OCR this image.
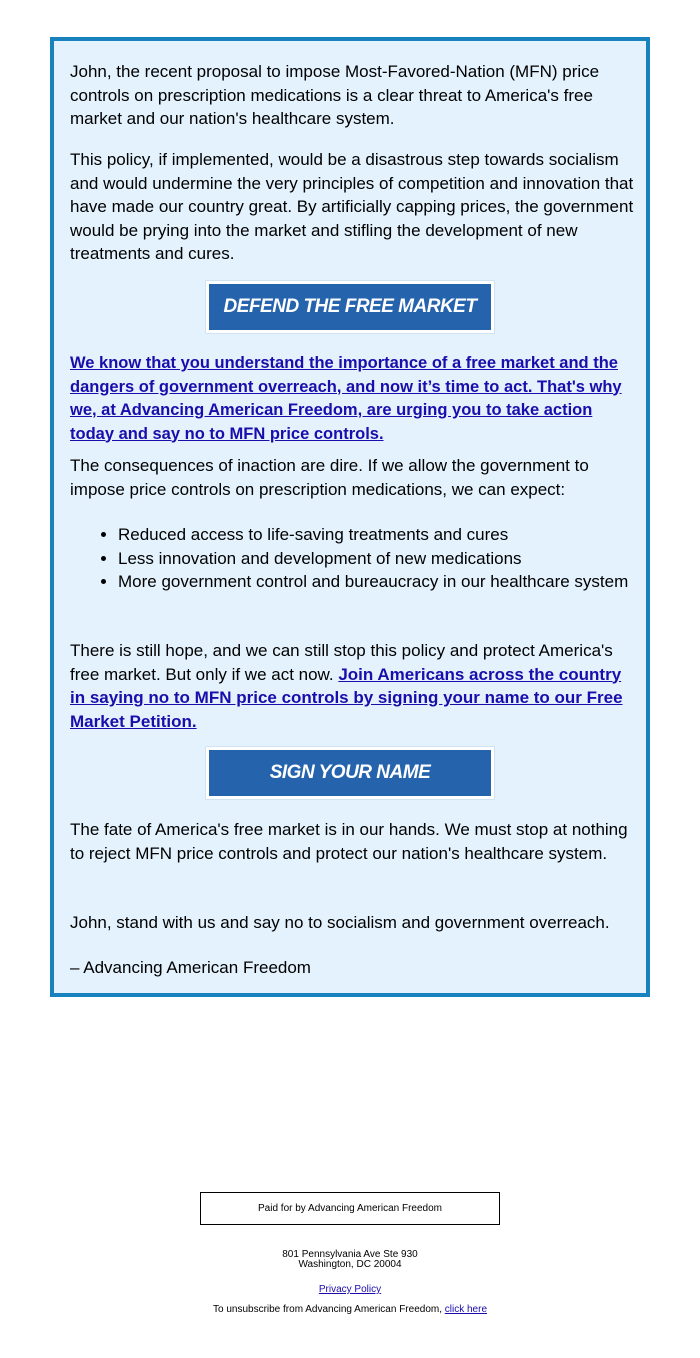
John, the recent proposal to impose Most-Favored-Nation (MFN) price controls on prescription medications is a clear threat to America's free market and our nation's healthcare system.

This policy, if implemented, would be a disastrous step towards socialism and would undermine the very principles of competition and innovation that have made our country great. By artificially capping prices, the government would be prying into the market and stifling the development of new treatments and cures.

DEFEND THE FREE MARKET

We know that you understand the importance of a free market and the dangers of government overreach, and now it’s time to act. That's why we, at Advancing American Freedom, are urging you to take action today and say no to MFN price controls.

The consequences of inaction are dire. If we allow the government to impose price controls on prescription medications, we can expect:

• Reduced access to life-saving treatments and cures
• Less innovation and development of new medications
• More government control and bureaucracy in our healthcare system

There is still hope, and we can still stop this policy and protect America's free market. But only if we act now. Join Americans across the country in saying no to MFN price controls by signing your name to our Free Market Petition.

SIGN YOUR NAME

The fate of America's free market is in our hands. We must stop at nothing to reject MFN price controls and protect our nation's healthcare system.

John, stand with us and say no to socialism and government overreach.

– Advancing American Freedom

Paid for by Advancing American Freedom
801 Pennsylvania Ave Ste 930
Washington, DC 20004
Privacy Policy
To unsubscribe from Advancing American Freedom, click here
